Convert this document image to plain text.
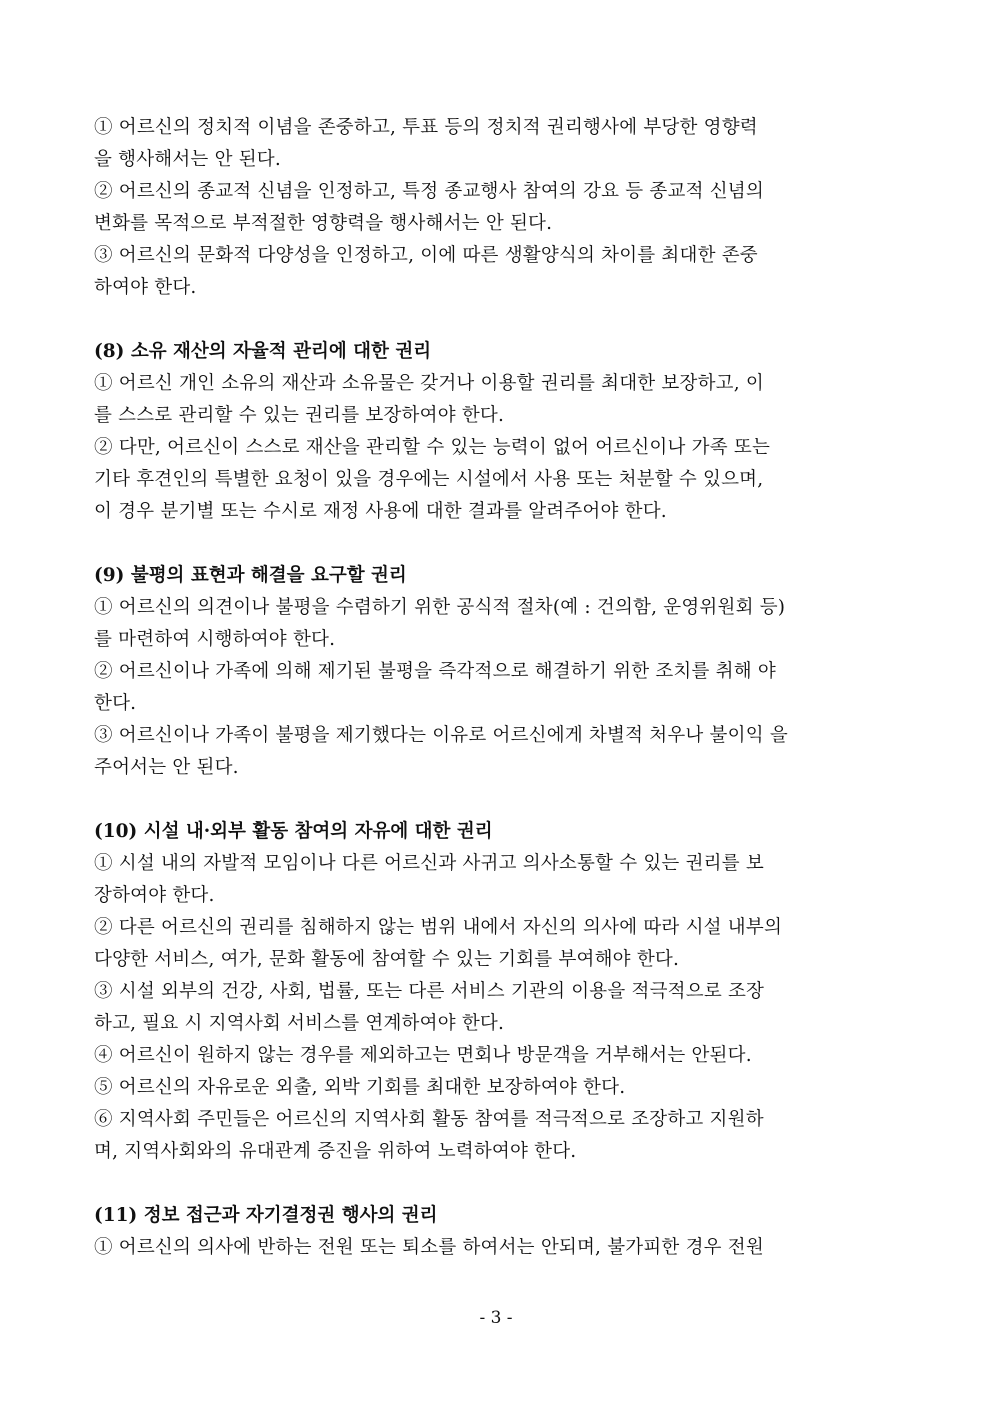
① 어르신의 정치적 이념을 존중하고, 투표 등의 정치적 권리행사에 부당한 영향력
을 행사해서는 안 된다.
② 어르신의 종교적 신념을 인정하고, 특정 종교행사 참여의 강요 등 종교적 신념의
변화를 목적으로 부적절한 영향력을 행사해서는 안 된다.
③ 어르신의 문화적 다양성을 인정하고, 이에 따른 생활양식의 차이를 최대한 존중
하여야 한다.
(8) 소유 재산의 자율적 관리에 대한 권리
① 어르신 개인 소유의 재산과 소유물은 갖거나 이용할 권리를 최대한 보장하고, 이
를 스스로 관리할 수 있는 권리를 보장하여야 한다.
② 다만, 어르신이 스스로 재산을 관리할 수 있는 능력이 없어 어르신이나 가족 또는
기타 후견인의 특별한 요청이 있을 경우에는 시설에서 사용 또는 처분할 수 있으며,
이 경우 분기별 또는 수시로 재정 사용에 대한 결과를 알려주어야 한다.
(9) 불평의 표현과 해결을 요구할 권리
① 어르신의 의견이나 불평을 수렴하기 위한 공식적 절차(예 : 건의함, 운영위원회 등)
를 마련하여 시행하여야 한다.
② 어르신이나 가족에 의해 제기된 불평을 즉각적으로 해결하기 위한 조치를 취해 야
한다.
③ 어르신이나 가족이 불평을 제기했다는 이유로 어르신에게 차별적 처우나 불이익 을
주어서는 안 된다.
(10) 시설 내·외부 활동 참여의 자유에 대한 권리
① 시설 내의 자발적 모임이나 다른 어르신과 사귀고 의사소통할 수 있는 권리를 보
장하여야 한다.
② 다른 어르신의 권리를 침해하지 않는 범위 내에서 자신의 의사에 따라 시설 내부의
다양한 서비스, 여가, 문화 활동에 참여할 수 있는 기회를 부여해야 한다.
③ 시설 외부의 건강, 사회, 법률, 또는 다른 서비스 기관의 이용을 적극적으로 조장
하고, 필요 시 지역사회 서비스를 연계하여야 한다.
④ 어르신이 원하지 않는 경우를 제외하고는 면회나 방문객을 거부해서는 안된다.
⑤ 어르신의 자유로운 외출, 외박 기회를 최대한 보장하여야 한다.
⑥ 지역사회 주민들은 어르신의 지역사회 활동 참여를 적극적으로 조장하고 지원하
며, 지역사회와의 유대관계 증진을 위하여 노력하여야 한다.
(11) 정보 접근과 자기결정권 행사의 권리
① 어르신의 의사에 반하는 전원 또는 퇴소를 하여서는 안되며, 불가피한 경우 전원
- 3 -
